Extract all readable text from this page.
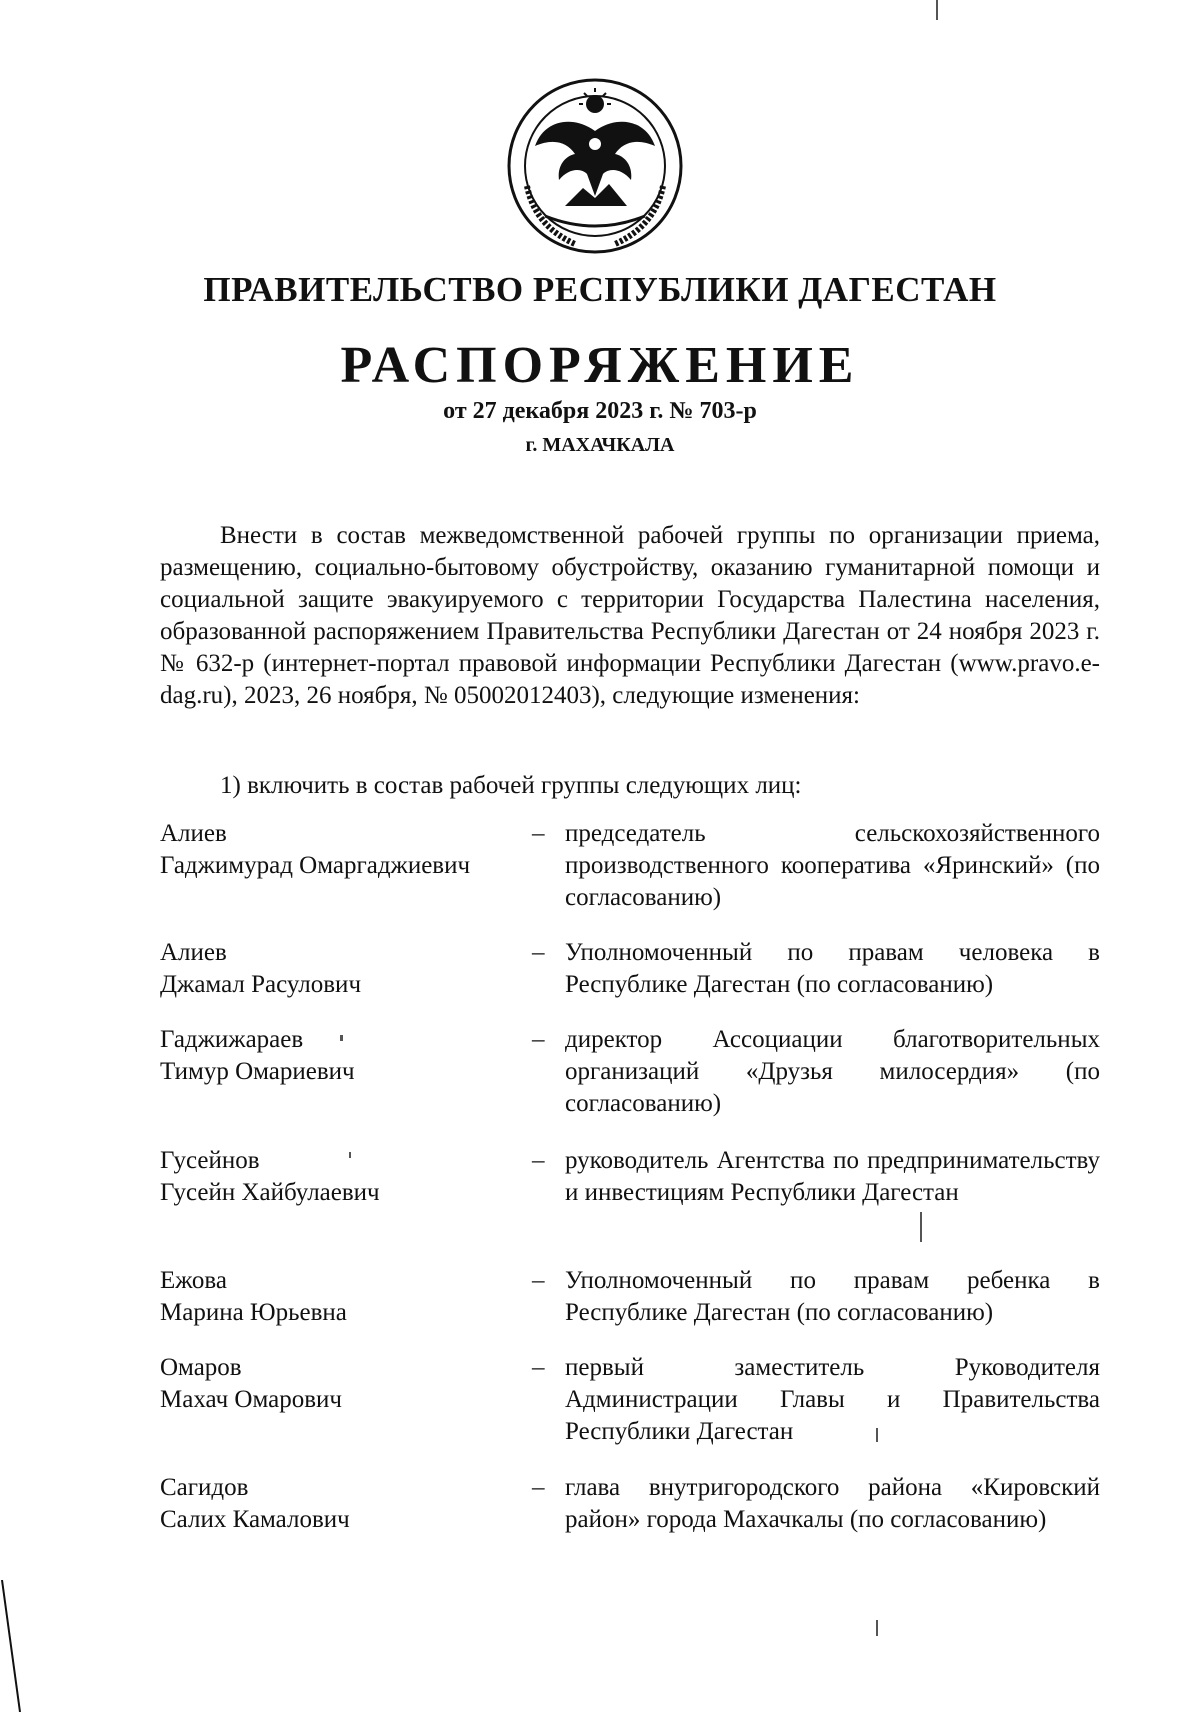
ПРАВИТЕЛЬСТВО РЕСПУБЛИКИ ДАГЕСТАН
РАСПОРЯЖЕНИЕ
от 27 декабря 2023 г. № 703-р
г. МАХАЧКАЛА

Внести в состав межведомственной рабочей группы по организации приема, размещению, социально-бытовому обустройству, оказанию гуманитарной помощи и социальной защите эвакуируемого с территории Государства Палестина населения, образованной распоряжением Правительства Республики Дагестан от 24 ноября 2023 г. № 632-р (интернет-портал правовой информации Республики Дагестан (www.pravo.e-dag.ru), 2023, 26 ноября, № 05002012403), следующие изменения:

1) включить в состав рабочей группы следующих лиц:

Алиев
Гаджимурад Омаргаджиевич
– председатель сельскохозяйственного производственного кооператива «Яринский» (по согласованию)
Алиев
Джамал Расулович
– Уполномоченный по правам человека в Республике Дагестан (по согласованию)
Гаджижараев
Тимур Омариевич
– директор Ассоциации благотворительных организаций «Друзья милосердия» (по согласованию)
Гусейнов
Гусейн Хайбулаевич
– руководитель Агентства по предпринимательству и инвестициям Республики Дагестан
Ежова
Марина Юрьевна
– Уполномоченный по правам ребенка в Республике Дагестан (по согласованию)
Омаров
Махач Омарович
– первый заместитель Руководителя Администрации Главы и Правительства Республики Дагестан
Сагидов
Салих Камалович
– глава внутригородского района «Кировский район» города Махачкалы (по согласованию)
